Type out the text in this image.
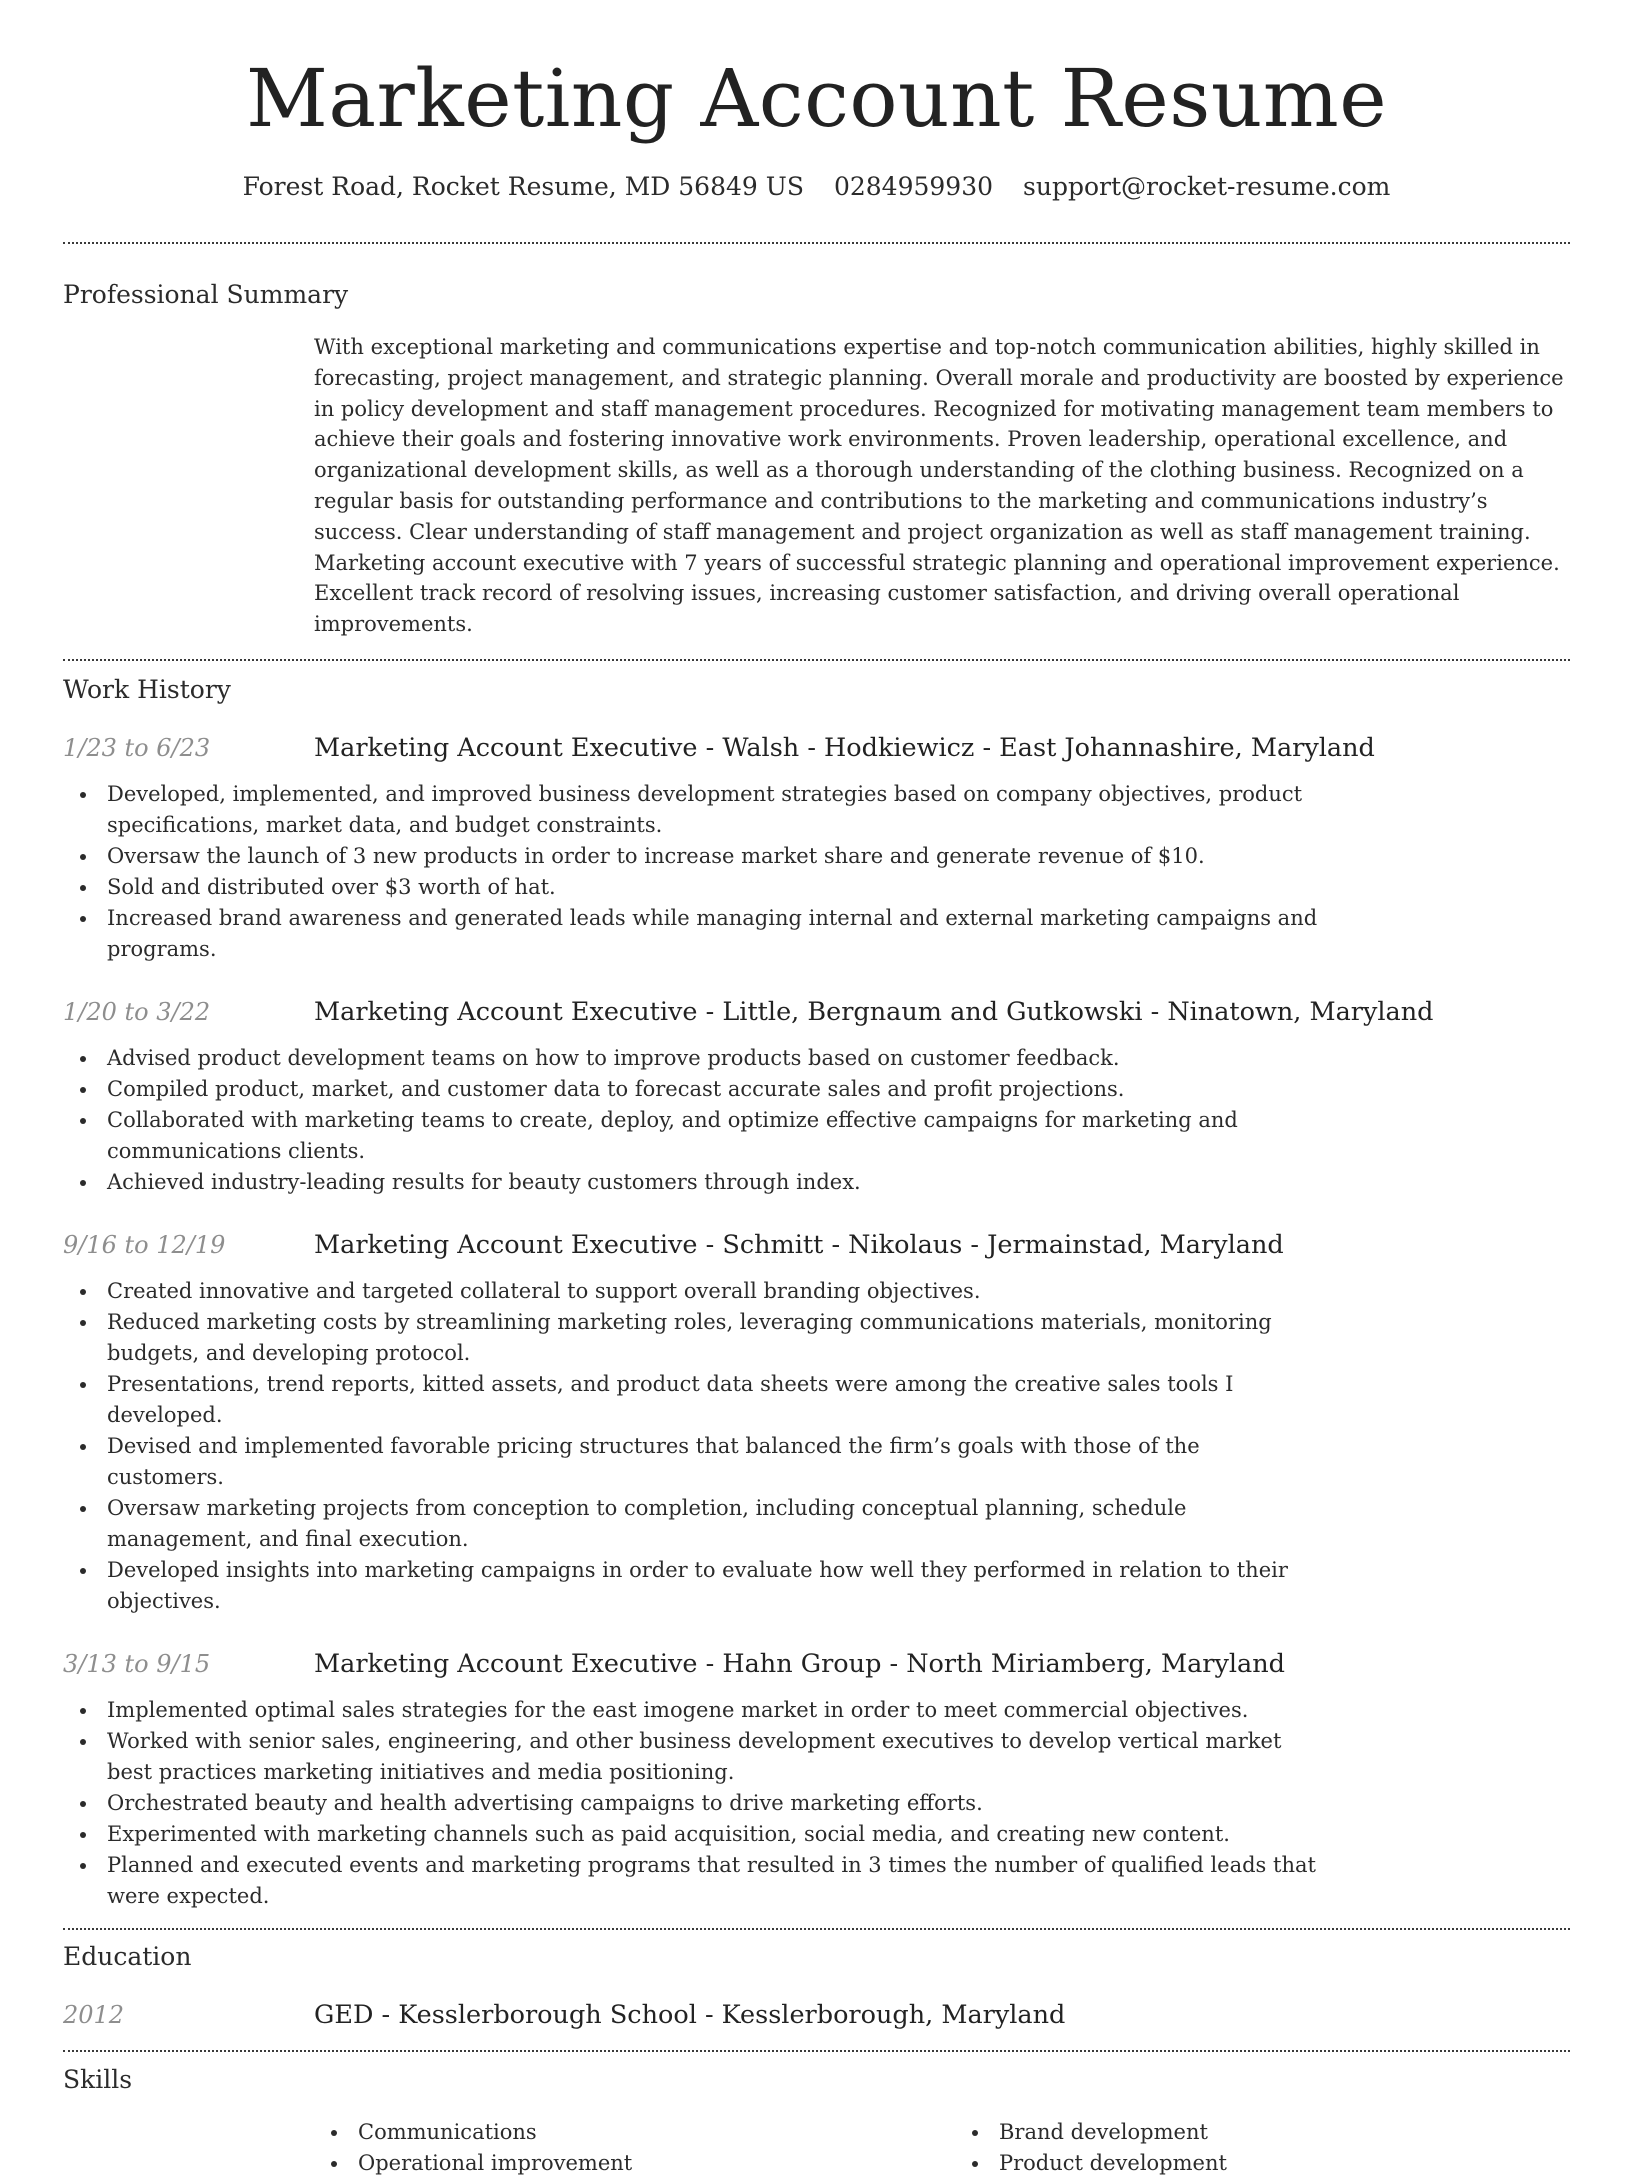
Marketing Account Resume
Forest Road, Rocket Resume, MD 56849 US 0284959930 support@rocket-resume.com
Professional Summary

With exceptional marketing and communications expertise and top-notch communication abilities, highly skilled in forecasting, project management, and strategic planning. Overall morale and productivity are boosted by experience in policy development and staff management procedures. Recognized for motivating management team members to achieve their goals and fostering innovative work environments. Proven leadership, operational excellence, and organizational development skills, as well as a thorough understanding of the clothing business. Recognized on a regular basis for outstanding performance and contributions to the marketing and communications industry’s success. Clear understanding of staff management and project organization as well as staff management training. Marketing account executive with 7 years of successful strategic planning and operational improvement experience. Excellent track record of resolving issues, increasing customer satisfaction, and driving overall operational improvements.

Work History
1/23 to 6/23	Marketing Account Executive - Walsh - Hodkiewicz - East Johannashire, Maryland
Developed, implemented, and improved business development strategies based on company objectives, product specifications, market data, and budget constraints.
Oversaw the launch of 3 new products in order to increase market share and generate revenue of $10.
Sold and distributed over $3 worth of hat.
Increased brand awareness and generated leads while managing internal and external marketing campaigns and programs.
1/20 to 3/22	Marketing Account Executive - Little, Bergnaum and Gutkowski - Ninatown, Maryland
Advised product development teams on how to improve products based on customer feedback.
Compiled product, market, and customer data to forecast accurate sales and profit projections.
Collaborated with marketing teams to create, deploy, and optimize effective campaigns for marketing and communications clients.
Achieved industry-leading results for beauty customers through index.
9/16 to 12/19	Marketing Account Executive - Schmitt - Nikolaus - Jermainstad, Maryland
Created innovative and targeted collateral to support overall branding objectives.
Reduced marketing costs by streamlining marketing roles, leveraging communications materials, monitoring budgets, and developing protocol.
Presentations, trend reports, kitted assets, and product data sheets were among the creative sales tools I developed.
Devised and implemented favorable pricing structures that balanced the firm’s goals with those of the customers.
Oversaw marketing projects from conception to completion, including conceptual planning, schedule management, and final execution.
Developed insights into marketing campaigns in order to evaluate how well they performed in relation to their objectives.
3/13 to 9/15	Marketing Account Executive - Hahn Group - North Miriamberg, Maryland
Implemented optimal sales strategies for the east imogene market in order to meet commercial objectives.
Worked with senior sales, engineering, and other business development executives to develop vertical market best practices marketing initiatives and media positioning.
Orchestrated beauty and health advertising campaigns to drive marketing efforts.
Experimented with marketing channels such as paid acquisition, social media, and creating new content.
Planned and executed events and marketing programs that resulted in 3 times the number of qualified leads that were expected.
Education
2012	GED - Kesslerborough School - Kesslerborough, Maryland
Skills
Communications
Operational improvement
Brand development
Product development
